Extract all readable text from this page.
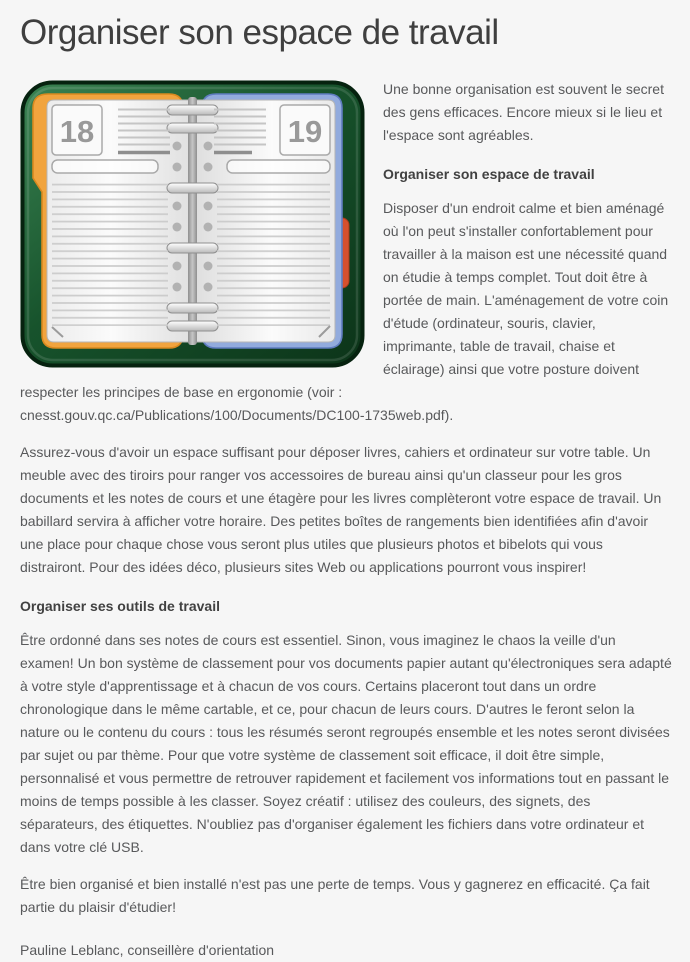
Organiser son espace de travail
18	19

Une bonne organisation est souvent le secret des gens efficaces. Encore mieux si le lieu et l'espace sont agréables.

Organiser son espace de travail

Disposer d'un endroit calme et bien aménagé où l'on peut s'installer confortablement pour travailler à la maison est une nécessité quand on étudie à temps complet. Tout doit être à portée de main. L'aménagement de votre coin d'étude (ordinateur, souris, clavier, imprimante, table de travail, chaise et éclairage) ainsi que votre posture doivent respecter les principes de base en ergonomie (voir : cnesst.gouv.qc.ca/Publications/100/Documents/DC100-1735web.pdf).

Assurez-vous d'avoir un espace suffisant pour déposer livres, cahiers et ordinateur sur votre table. Un meuble avec des tiroirs pour ranger vos accessoires de bureau ainsi qu'un classeur pour les gros documents et les notes de cours et une étagère pour les livres complèteront votre espace de travail. Un babillard servira à afficher votre horaire. Des petites boîtes de rangements bien identifiées afin d'avoir une place pour chaque chose vous seront plus utiles que plusieurs photos et bibelots qui vous distrairont. Pour des idées déco, plusieurs sites Web ou applications pourront vous inspirer!

Organiser ses outils de travail

Être ordonné dans ses notes de cours est essentiel. Sinon, vous imaginez le chaos la veille d'un examen! Un bon système de classement pour vos documents papier autant qu'électroniques sera adapté à votre style d'apprentissage et à chacun de vos cours. Certains placeront tout dans un ordre chronologique dans le même cartable, et ce, pour chacun de leurs cours. D'autres le feront selon la nature ou le contenu du cours : tous les résumés seront regroupés ensemble et les notes seront divisées par sujet ou par thème. Pour que votre système de classement soit efficace, il doit être simple, personnalisé et vous permettre de retrouver rapidement et facilement vos informations tout en passant le moins de temps possible à les classer. Soyez créatif : utilisez des couleurs, des signets, des séparateurs, des étiquettes. N'oubliez pas d'organiser également les fichiers dans votre ordinateur et dans votre clé USB.

Être bien organisé et bien installé n'est pas une perte de temps. Vous y gagnerez en efficacité. Ça fait partie du plaisir d'étudier!

Pauline Leblanc, conseillère d'orientation
